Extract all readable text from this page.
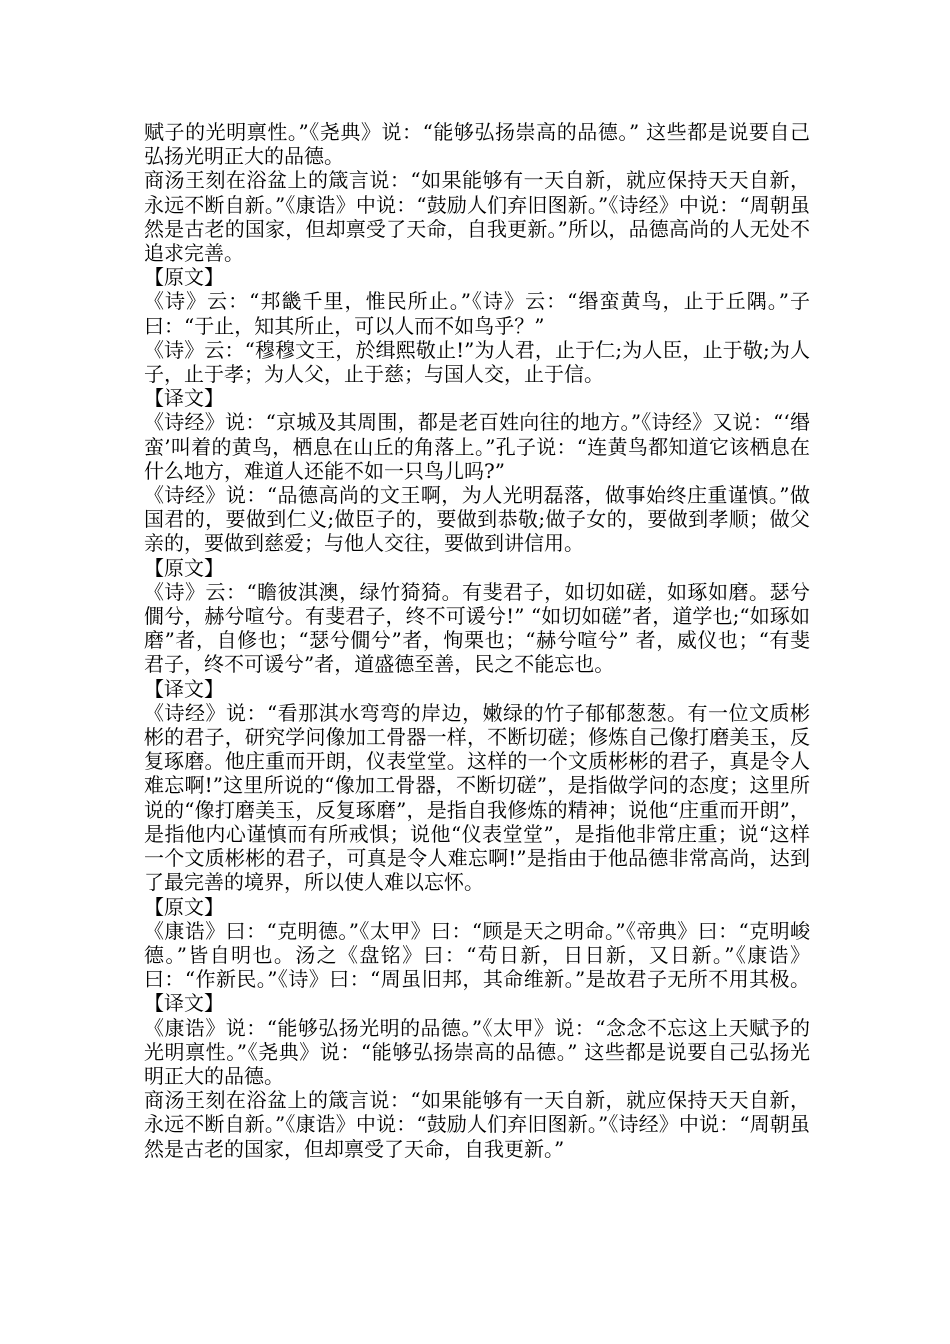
赋子的光明禀性。”《尧典》说：“能够弘扬崇高的品德。” 这些都是说要自己弘扬光明正大的品德。

商汤王刻在浴盆上的箴言说：“如果能够有一天自新，就应保持天天自新，永远不断自新。”《康诰》中说：“鼓励人们弃旧图新。”《诗经》中说：“周朝虽然是古老的国家，但却禀受了天命，自我更新。”所以，品德高尚的人无处不追求完善。

【原文】

《诗》云：“邦畿千里，惟民所止。”《诗》云：“缗蛮黄鸟，止于丘隅。”子曰：“于止，知其所止，可以人而不如鸟乎？”

《诗》云：“穆穆文王，於缉熙敬止!”为人君，止于仁;为人臣，止于敬;为人子，止于孝；为人父，止于慈；与国人交，止于信。

【译文】

《诗经》说：“京城及其周围，都是老百姓向往的地方。”《诗经》又说：“‘缗蛮’叫着的黄鸟，栖息在山丘的角落上。”孔子说：“连黄鸟都知道它该栖息在什么地方，难道人还能不如一只鸟儿吗?”

《诗经》说：“品德高尚的文王啊，为人光明磊落，做事始终庄重谨慎。”做国君的，要做到仁义;做臣子的，要做到恭敬;做子女的，要做到孝顺；做父亲的，要做到慈爱；与他人交往，要做到讲信用。

【原文】

《诗》云：“瞻彼淇澳，绿竹猗猗。有斐君子，如切如磋，如琢如磨。瑟兮僩兮，赫兮喧兮。有斐君子，终不可谖兮!” “如切如磋”者，道学也;“如琢如磨”者，自修也；“瑟兮僩兮”者，恂栗也；“赫兮喧兮” 者，威仪也；“有斐君子，终不可谖兮”者，道盛德至善，民之不能忘也。

【译文】

《诗经》说：“看那淇水弯弯的岸边，嫩绿的竹子郁郁葱葱。有一位文质彬彬的君子，研究学问像加工骨器一样，不断切磋；修炼自己像打磨美玉，反复琢磨。他庄重而开朗，仪表堂堂。这样的一个文质彬彬的君子，真是令人难忘啊!”这里所说的“像加工骨器，不断切磋”，是指做学问的态度；这里所说的“像打磨美玉，反复琢磨”，是指自我修炼的精神；说他“庄重而开朗”，是指他内心谨慎而有所戒惧；说他“仪表堂堂”，是指他非常庄重；说“这样一个文质彬彬的君子，可真是令人难忘啊!”是指由于他品德非常高尚，达到了最完善的境界，所以使人难以忘怀。

【原文】

《康诰》曰：“克明德。”《太甲》曰：“顾是天之明命。”《帝典》曰：“克明峻德。”皆自明也。汤之《盘铭》曰：“苟日新，日日新，又日新。”《康诰》曰：“作新民。”《诗》曰：“周虽旧邦，其命维新。”是故君子无所不用其极。【译文】

《康诰》说：“能够弘扬光明的品德。”《太甲》说：“念念不忘这上天赋予的光明禀性。”《尧典》说：“能够弘扬崇高的品德。” 这些都是说要自己弘扬光明正大的品德。

商汤王刻在浴盆上的箴言说：“如果能够有一天自新，就应保持天天自新，永远不断自新。”《康诰》中说：“鼓励人们弃旧图新。”《诗经》中说：“周朝虽然是古老的国家，但却禀受了天命，自我更新。”
